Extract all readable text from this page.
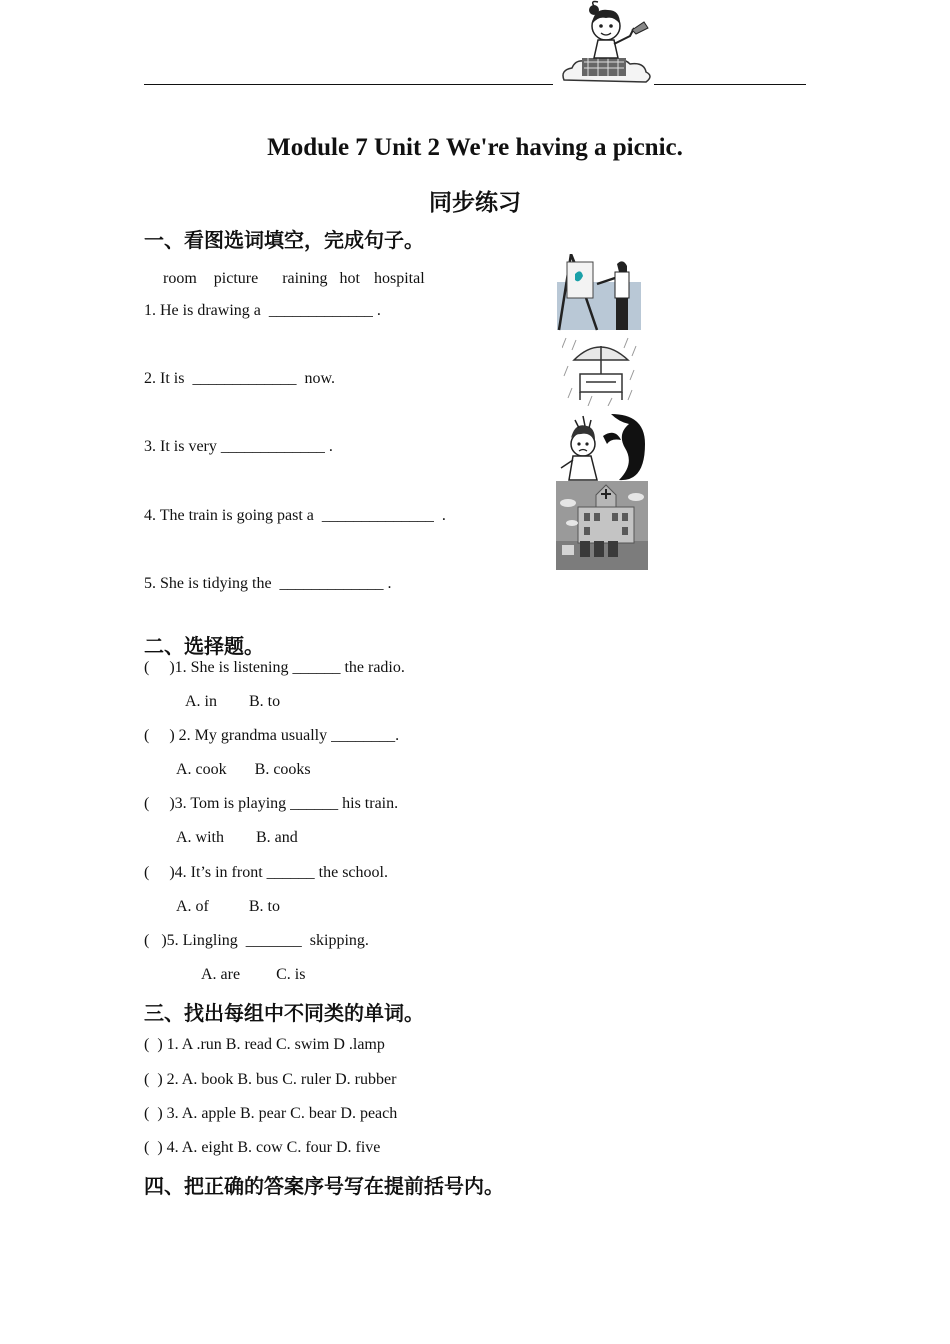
Module 7 Unit 2 We're having a picnic.
同步练习
一、看图选词填空，完成句子。

room picture raining hot hospital

1. He is drawing a  _____________ .
2. It is  _____________  now.
3. It is very _____________ .
4. The train is going past a  ______________  .
5. She is tidying the  _____________ .
二、选择题。
(     )1. She is listening ______ the radio.
A. in        B. to
(     ) 2. My grandma usually ________.
A. cook       B. cooks
(     )3. Tom is playing ______ his train.
A. with        B. and
(     )4. It’s in front ______ the school.
A. of          B. to
(   )5. Lingling  _______  skipping.
A. are         C. is
三、找出每组中不同类的单词。
(  ) 1. A .run B. read C. swim D .lamp
(  ) 2. A. book B. bus C. ruler D. rubber
(  ) 3. A. apple B. pear C. bear D. peach
(  ) 4. A. eight B. cow C. four D. five
四、把正确的答案序号写在提前括号内。
